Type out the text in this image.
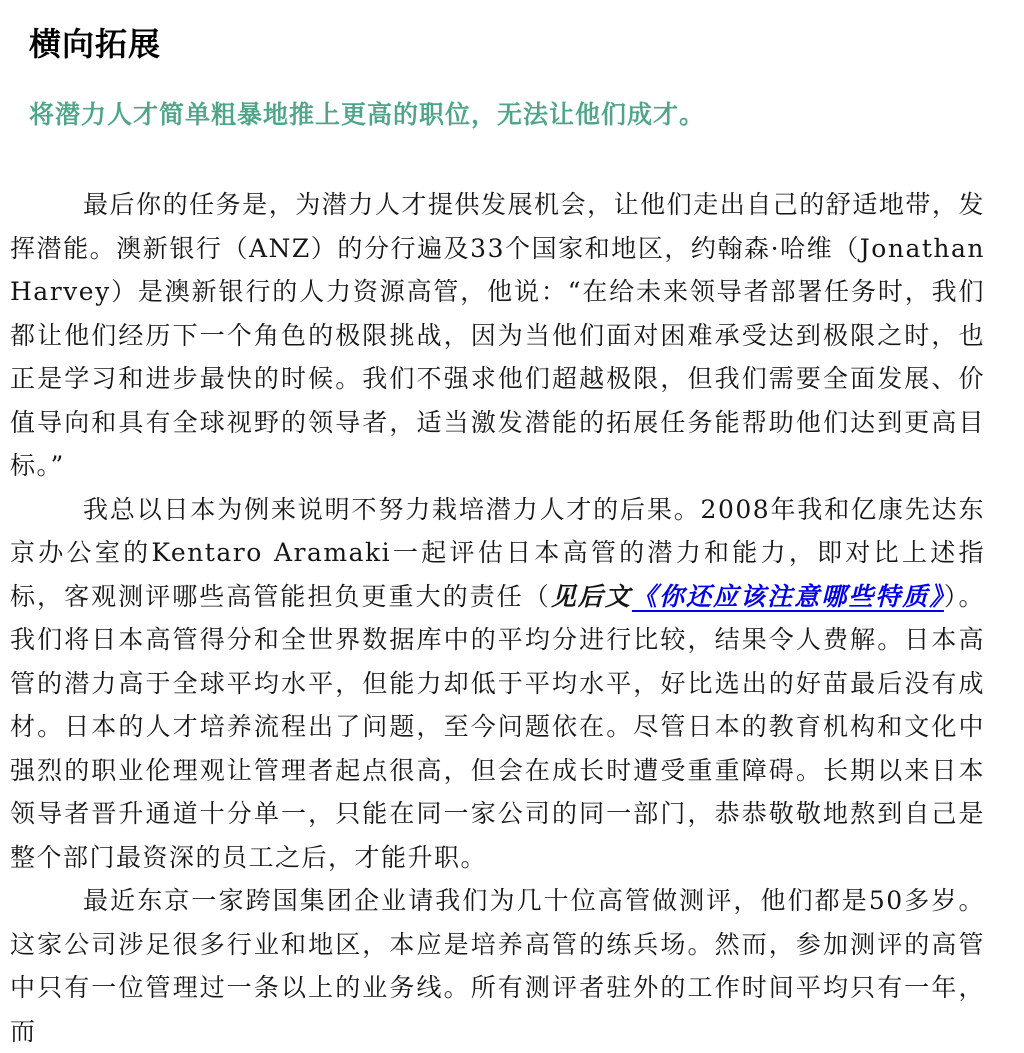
横向拓展
将潜力人才简单粗暴地推上更高的职位，无法让他们成才。

最后你的任务是，为潜力人才提供发展机会，让他们走出自己的舒适地带，发挥潜能。澳新银行（ANZ）的分行遍及33个国家和地区，约翰森·哈维（Jonathan Harvey）是澳新银行的人力资源高管，他说：“在给未来领导者部署任务时，我们都让他们经历下一个角色的极限挑战，因为当他们面对困难承受达到极限之时，也正是学习和进步最快的时候。我们不强求他们超越极限，但我们需要全面发展、价值导向和具有全球视野的领导者，适当激发潜能的拓展任务能帮助他们达到更高目标。”

我总以日本为例来说明不努力栽培潜力人才的后果。2008年我和亿康先达东京办公室的Kentaro Aramaki一起评估日本高管的潜力和能力，即对比上述指标，客观测评哪些高管能担负更重大的责任（见后文《你还应该注意哪些特质》）。我们将日本高管得分和全世界数据库中的平均分进行比较，结果令人费解。日本高管的潜力高于全球平均水平，但能力却低于平均水平，好比选出的好苗最后没有成材。日本的人才培养流程出了问题，至今问题依在。尽管日本的教育机构和文化中强烈的职业伦理观让管理者起点很高，但会在成长时遭受重重障碍。长期以来日本领导者晋升通道十分单一，只能在同一家公司的同一部门，恭恭敬敬地熬到自己是整个部门最资深的员工之后，才能升职。

最近东京一家跨国集团企业请我们为几十位高管做测评，他们都是50多岁。这家公司涉足很多行业和地区，本应是培养高管的练兵场。然而，参加测评的高管中只有一位管理过一条以上的业务线。所有测评者驻外的工作时间平均只有一年，而
